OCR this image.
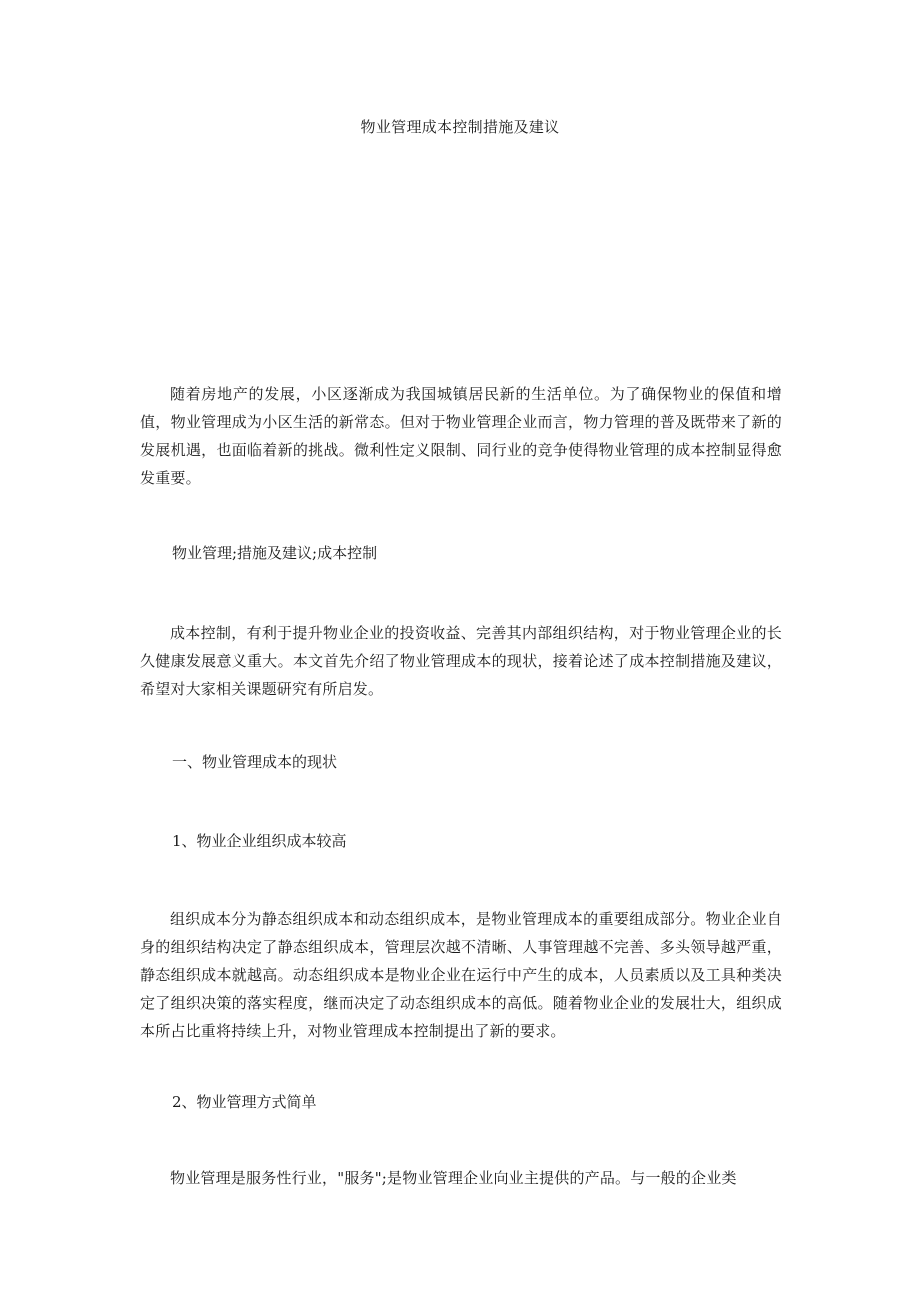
物业管理成本控制措施及建议

随着房地产的发展，小区逐渐成为我国城镇居民新的生活单位。为了确保物业的保值和增值，物业管理成为小区生活的新常态。但对于物业管理企业而言，物力管理的普及既带来了新的发展机遇，也面临着新的挑战。微利性定义限制、同行业的竞争使得物业管理的成本控制显得愈发重要。

物业管理;措施及建议;成本控制

成本控制，有利于提升物业企业的投资收益、完善其内部组织结构，对于物业管理企业的长久健康发展意义重大。本文首先介绍了物业管理成本的现状，接着论述了成本控制措施及建议，希望对大家相关课题研究有所启发。

一、物业管理成本的现状

1、物业企业组织成本较高

组织成本分为静态组织成本和动态组织成本，是物业管理成本的重要组成部分。物业企业自身的组织结构决定了静态组织成本，管理层次越不清晰、人事管理越不完善、多头领导越严重，静态组织成本就越高。动态组织成本是物业企业在运行中产生的成本，人员素质以及工具种类决定了组织决策的落实程度，继而决定了动态组织成本的高低。随着物业企业的发展壮大，组织成本所占比重将持续上升，对物业管理成本控制提出了新的要求。

2、物业管理方式简单

物业管理是服务性行业，"服务";是物业管理企业向业主提供的产品。与一般的企业类
